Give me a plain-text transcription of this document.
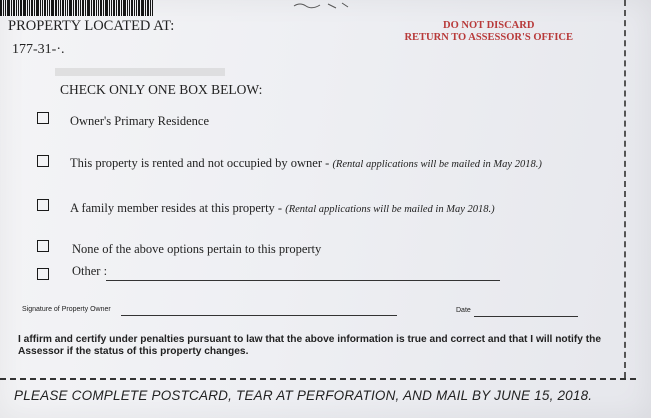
PROPERTY LOCATED AT:
177-31-·.
DO NOT DISCARD
RETURN TO ASSESSOR'S OFFICE
CHECK ONLY ONE BOX BELOW:
Owner's Primary Residence
This property is rented and not occupied by owner - (Rental applications will be mailed in May 2018.)
A family member resides at this property - (Rental applications will be mailed in May 2018.)
None of the above options pertain to this property
Other :
Signature of Property Owner	Date
I affirm and certify under penalties pursuant to law that the above information is true and correct and that I will notify the Assessor if the status of this property changes.
PLEASE COMPLETE POSTCARD, TEAR AT PERFORATION, AND MAIL BY JUNE 15, 2018.
